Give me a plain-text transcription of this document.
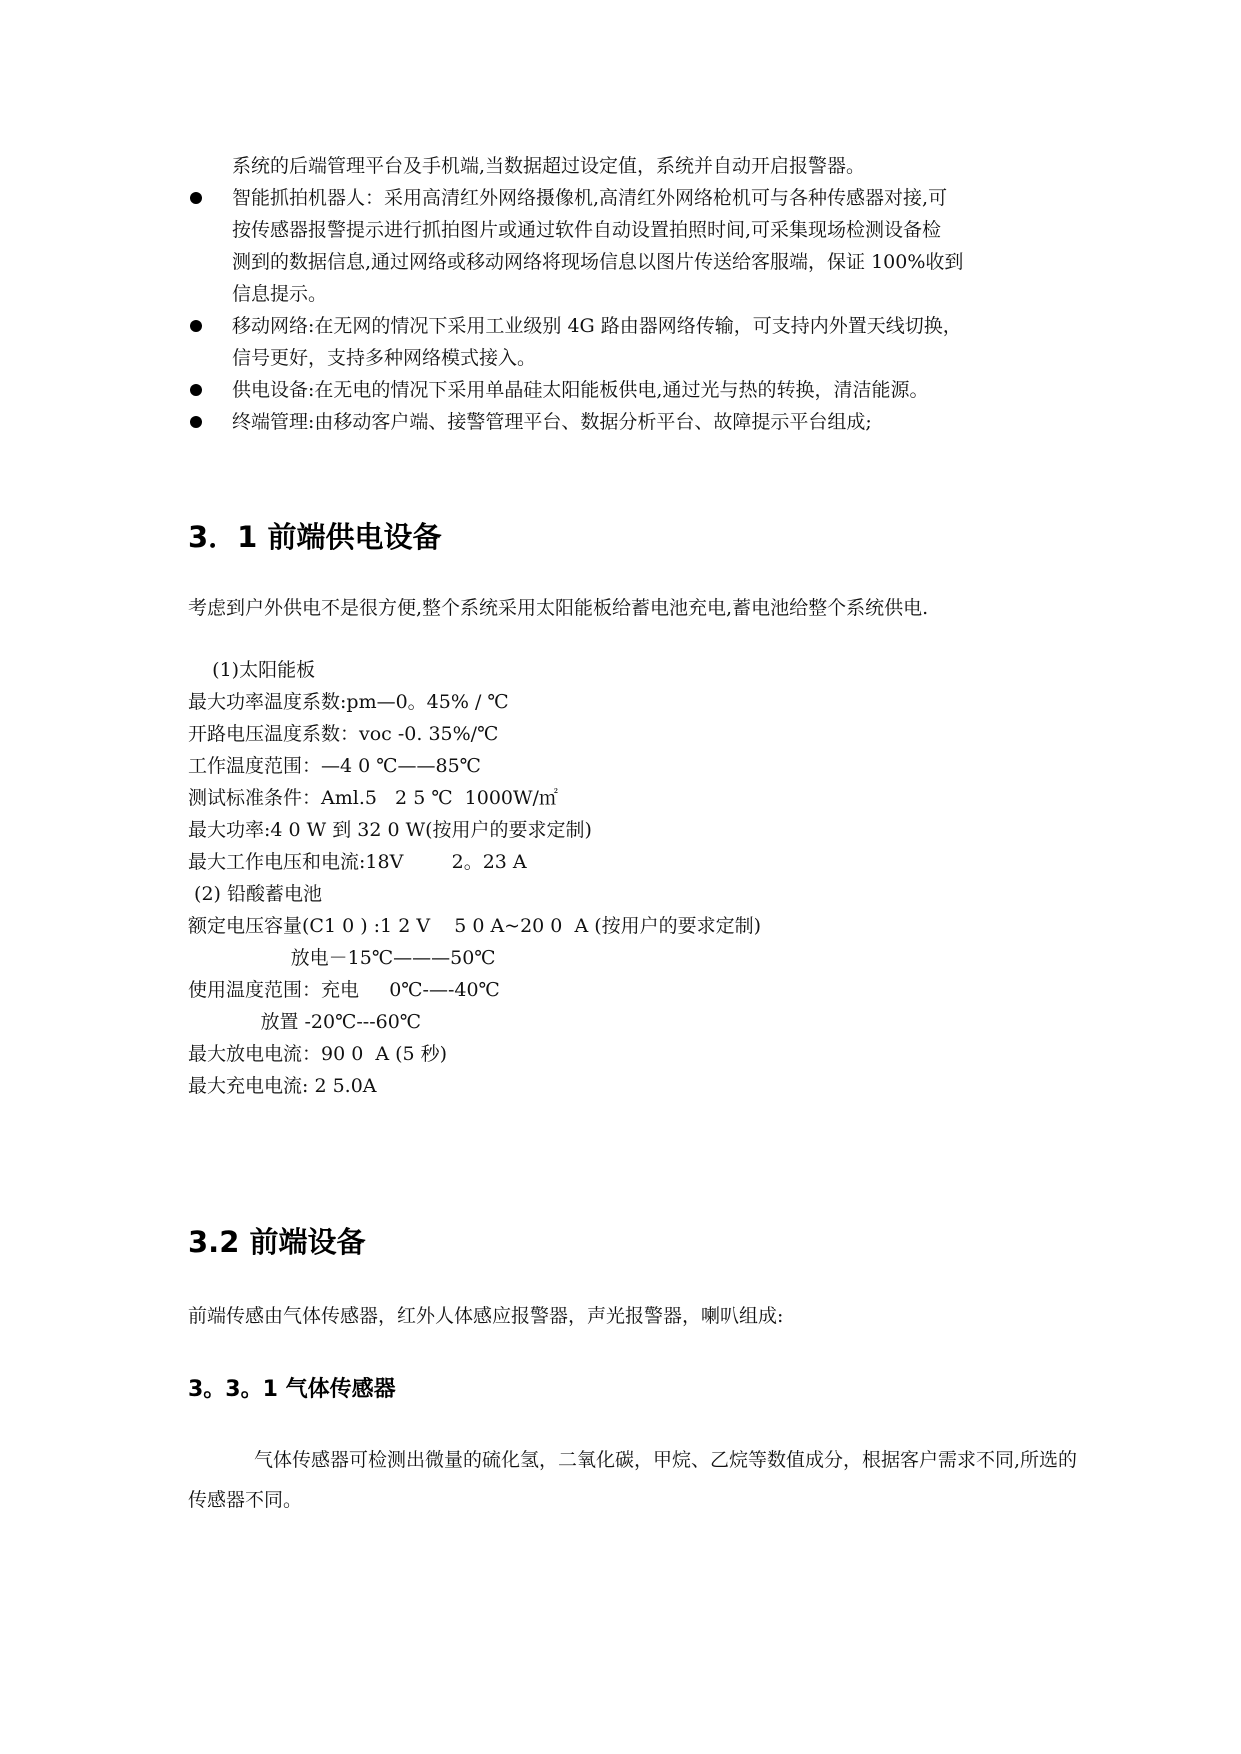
系统的后端管理平台及手机端,当数据超过设定值，系统并自动开启报警器。
智能抓拍机器人：采用高清红外网络摄像机,高清红外网络枪机可与各种传感器对接,可
按传感器报警提示进行抓拍图片或通过软件自动设置拍照时间,可采集现场检测设备检
测到的数据信息,通过网络或移动网络将现场信息以图片传送给客服端，保证 100%收到
信息提示。
移动网络:在无网的情况下采用工业级别 4G 路由器网络传输，可支持内外置天线切换，
信号更好，支持多种网络模式接入。
供电设备:在无电的情况下采用单晶硅太阳能板供电,通过光与热的转换，清洁能源。
终端管理:由移动客户端、接警管理平台、数据分析平台、故障提示平台组成;
3．1 前端供电设备

考虑到户外供电不是很方便,整个系统采用太阳能板给蓄电池充电,蓄电池给整个系统供电.

(1)太阳能板

最大功率温度系数:pm—0。45% / ℃

开路电压温度系数：voc -0. 35%/℃

工作温度范围：—4 0 ℃——85℃

测试标准条件：Aml.5   2 5 ℃  1000W/㎡

最大功率:4 0 W 到 32 0 W(按用户的要求定制)

最大工作电压和电流:18V        2。23 A

(2) 铅酸蓄电池

额定电压容量(C1 0 ) :1 2 V    5 0 A~20 0  A (按用户的要求定制)

放电－15℃———50℃

使用温度范围：充电     0℃-—-40℃

放置 -20℃---60℃

最大放电电流：90 0  A (5 秒)

最大充电电流: 2 5.0A

3.2 前端设备

前端传感由气体传感器，红外人体感应报警器，声光报警器，喇叭组成:

3。3。1 气体传感器

气体传感器可检测出微量的硫化氢，二氧化碳，甲烷、乙烷等数值成分，根据客户需求不同,所选的传感器不同。
